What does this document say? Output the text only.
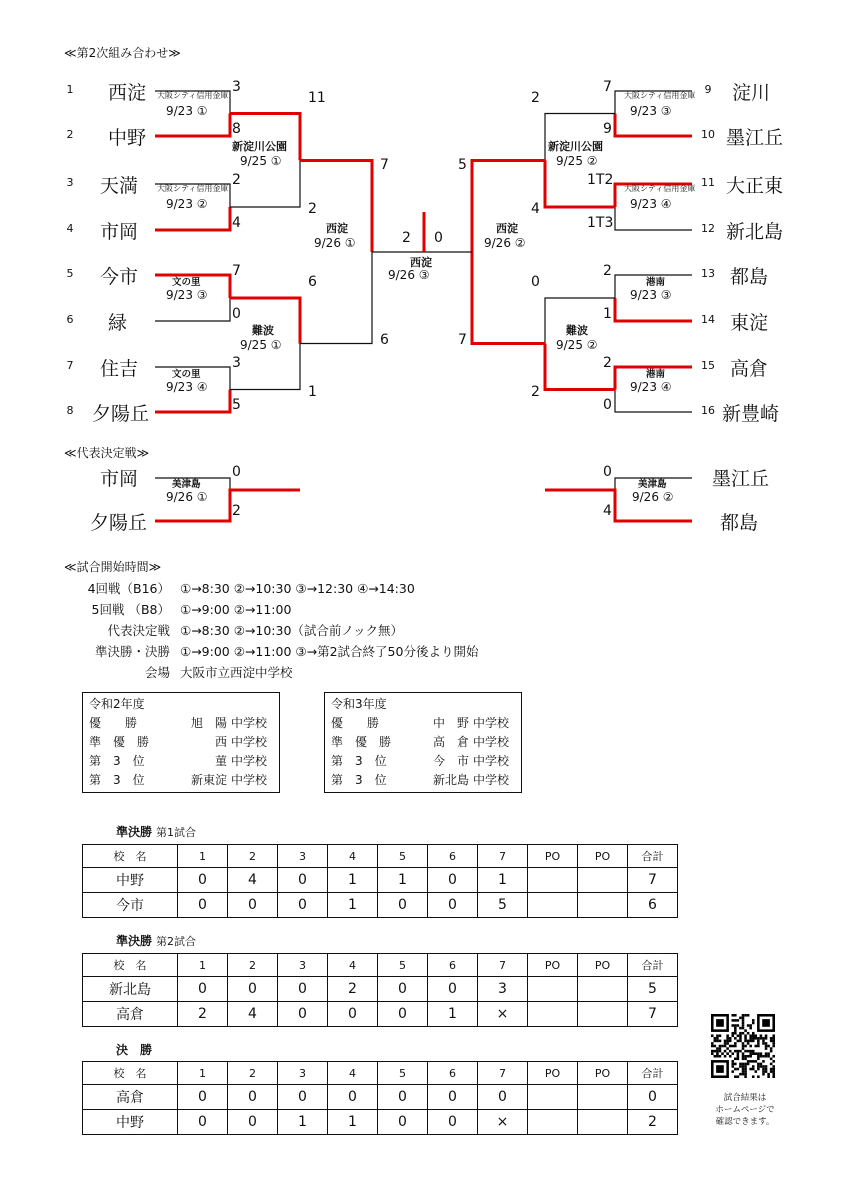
≪第2次組み合わせ≫
≪代表決定戦≫
≪試合開始時間≫
1 西淀	3
2 中野	8
3 天満	2
4 市岡	4
5 今市	7
6 緑	0
7 住吉	3
8 夕陽丘	5
9 淀川
7
10 墨江丘
9
11 大正東
1T2
12 新北島
1T3
13 都島
2
14 東淀
1
15 高倉
2
16 新豊崎
0
大阪シティ信用金庫
9/23 ①
大阪シティ信用金庫
9/23 ②
文の里
9/23 ③
文の里
9/23 ④
大阪シティ信用金庫
9/23 ③
大阪シティ信用金庫
9/23 ④
港南
9/23 ③
港南
9/23 ④
新淀川公園
9/25 ①
11
2
難波
9/25 ①
6
1
新淀川公園
9/25 ②
2
4
難波
9/25 ②
0
2
西淀
9/26 ①
7
6
西淀
9/26 ②
5
7
2 0
西淀
9/26 ③
市岡
夕陽丘
0
2
美津島
9/26 ①
墨江丘
都島
0
4
美津島
9/26 ②
4回戦（B16） ①→8:30 ②→10:30 ③→12:30 ④→14:30
5回戦 （B8） ①→9:00 ②→11:00
代表決定戦 ①→8:30 ②→10:30（試合前ノック無）
準決勝・決勝 ①→9:00 ②→11:00 ③→第2試合終了50分後より開始
会場 大阪市立西淀中学校
令和2年度
優　　勝	旭　陽 中学校
準　優　勝	西 中学校
第　3　位	菫 中学校
第　3　位	新東淀 中学校
令和3年度
優　　勝	中　野 中学校
準　優　勝	高　倉 中学校
第　3　位	今　市 中学校
第　3　位	新北島 中学校
準決勝 第1試合
校　名	1	2	3	4	5	6	7	PO	PO	合計
中野	0	4	0	1	1	0	1			7
今市	0	0	0	1	0	0	5			6
準決勝 第2試合
校　名	1	2	3	4	5	6	7	PO	PO	合計
新北島	0	0	0	2	0	0	3			5
高倉	2	4	0	0	0	1	×			7
決　勝
校　名	1	2	3	4	5	6	7	PO	PO	合計
高倉	0	0	0	0	0	0	0			0
中野	0	0	1	1	0	0	×			2
試合結果は
ホームページで
確認できます。
